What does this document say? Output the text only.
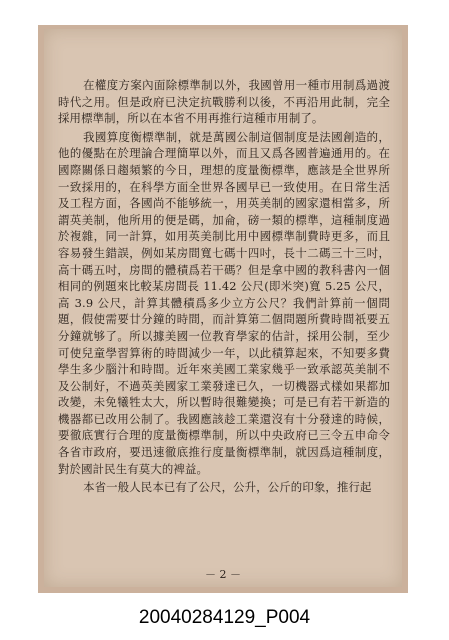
在權度方案內面除標準制以外，我國曾用一種市用制爲過渡時代之用。但是政府已決定抗戰勝利以後，不再沿用此制，完全採用標準制，所以在本省不用再推行這種市用制了。

我國算度衡標準制，就是萬國公制這個制度是法國創造的，他的優點在於理論合理簡單以外，而且又爲各國普遍通用的。在國際關係日趨頻繁的今日，理想的度量衡標準，應該是全世界所一致採用的，在科學方面全世界各國早已一致使用。在日常生活及工程方面，各國尚不能够統一，用英美制的國家還相當多，所謂英美制，他所用的便是碼，加侖，磅一類的標準，這種制度過於複雜，同一計算，如用英美制比用中國標準制費時更多，而且容易發生錯誤，例如某房間寬七碼十四吋，長十二碼三十三吋，高十碼五吋，房間的體積爲若干碼？但是拿中國的教科書內一個相同的例題來比較某房間長 11.42 公尺(即米突)寬 5.25 公尺，高 3.9 公尺，計算其體積爲多少立方公尺？我們計算前一個問題，假使需要廿分鐘的時間，而計算第二個問題所費時間祇要五分鐘就够了。所以據美國一位教育學家的估計，採用公制，至少可使兒童學習算術的時間減少一年，以此積算起來，不知要多費學生多少腦汁和時間。近年來美國工業家幾乎一致承認英美制不及公制好，不過英美國家工業發達已久，一切機器式樣如果都加改變，未免犧牲太大，所以暫時很難變換；可是已有若干新造的機器都已改用公制了。我國應該趁工業還沒有十分發達的時候，要徹底實行合理的度量衡標準制，所以中央政府已三令五申命令各省市政府，要迅速徹底推行度量衡標準制，就因爲這種制度，對於國計民生有莫大的裨益。

本省一般人民本已有了公尺，公升，公斤的印象，推行起

－ 2 －
20040284129_P004
